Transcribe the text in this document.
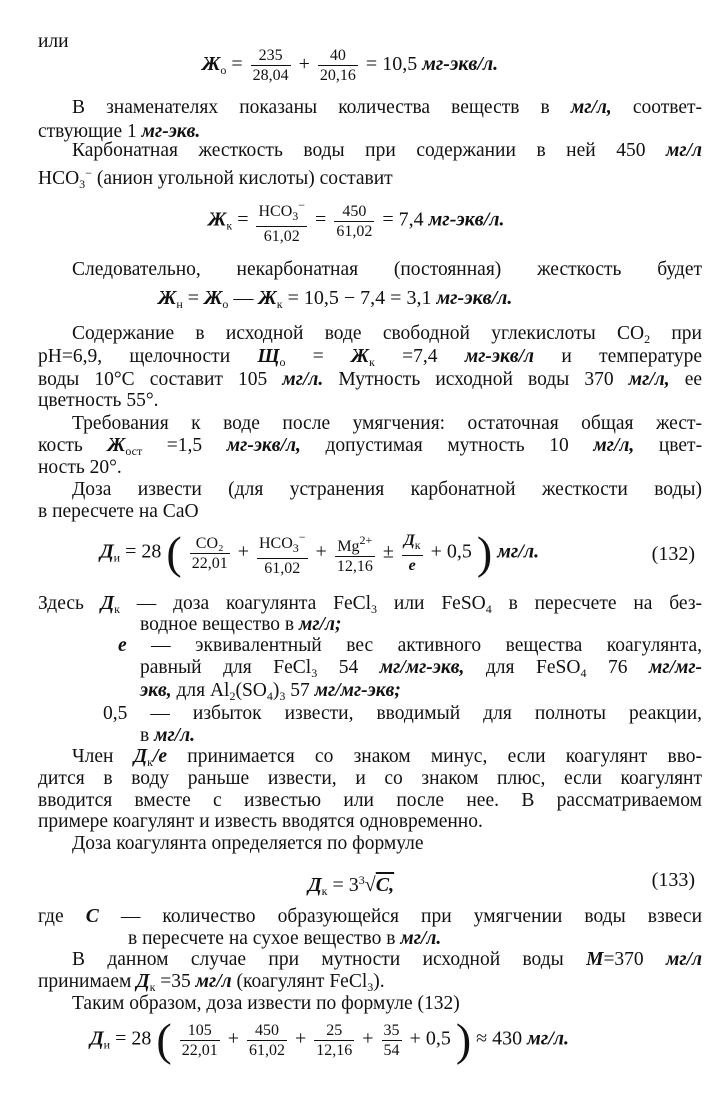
или
$Ж_о = \frac{235}{28,04} + \frac{40}{20,16} = 10,5$ мг-экв/л.
В знаменателях показаны количества веществ в мг/л, соответ-
ствующие 1 мг-экв.
Карбонатная жесткость воды при содержании в ней 450 мг/л
$HCO_3^-$ (анион угольной кислоты) составит
$Ж_к = \frac{HCO_3^-}{61,02} = \frac{450}{61,02} = 7,4$ мг-экв/л.
Следовательно, некарбонатная (постоянная) жесткость будет
$Ж_н = Ж_о$ — $Ж_к = 10,5 - 7,4 = 3,1$ мг-экв/л.
Содержание в исходной воде свободной углекислоты $CO_2$ при
pH=6,9, щелочности $Щ_о = Ж_к =7,4$ мг-экв/л и температуре
воды 10°C составит 105 мг/л. Мутность исходной воды 370 мг/л, ее
цветность 55°.
Требования к воде после умягчения: остаточная общая жест-
кость $Ж_{ост} =1,5$ мг-экв/л, допустимая мутность 10 мг/л, цвет-
ность 20°.
Доза извести (для устранения карбонатной жесткости воды)
в пересчете на CaO
$Д_и = 28$ ( $\frac{\text{CO₂}}{22,01} + \frac{HCO_3^-}{61,02} + \frac{Mg^{2+}}{12,16} \pm \frac{Д_к}{e} + 0,5$ ) мг/л.	(132)
Здесь $Д_к$ — доза коагулянта FeCl$_3$ или FeSO$_4$ в пересчете на без-
водное вещество в мг/л;
e — эквивалентный вес активного вещества коагулянта,
равный для FeCl$_3$ 54 мг/мг-экв, для FeSO$_4$ 76 мг/мг-
экв, для $Al_2(SO_4)_3$ 57 мг/мг-экв;
0,5 — избыток извести, вводимый для полноты реакции,
в мг/л.
Член $Д_к/e$ принимается со знаком минус, если коагулянт вво-
дится в воду раньше извести, и со знаком плюс, если коагулянт
вводится вместе с известью или после нее. В рассматриваемом
примере коагулянт и известь вводятся одновременно.
Доза коагулянта определяется по формуле
$Д_к = 3^3√C$,	(133)
где C — количество образующейся при умягчении воды взвеси
в пересчете на сухое вещество в мг/л.
В данном случае при мутности исходной воды M=370 мг/л
принимаем $Д_к =35$ мг/л (коагулянт FeCl$_3$).
Таким образом, доза извести по формуле (132)
$Д_и = 28$ ( $\frac{105}{22,01} + \frac{450}{61,02} + \frac{25}{12,16} + \frac{35}{54} + 0,5$ ) ≈ 430 мг/л.
